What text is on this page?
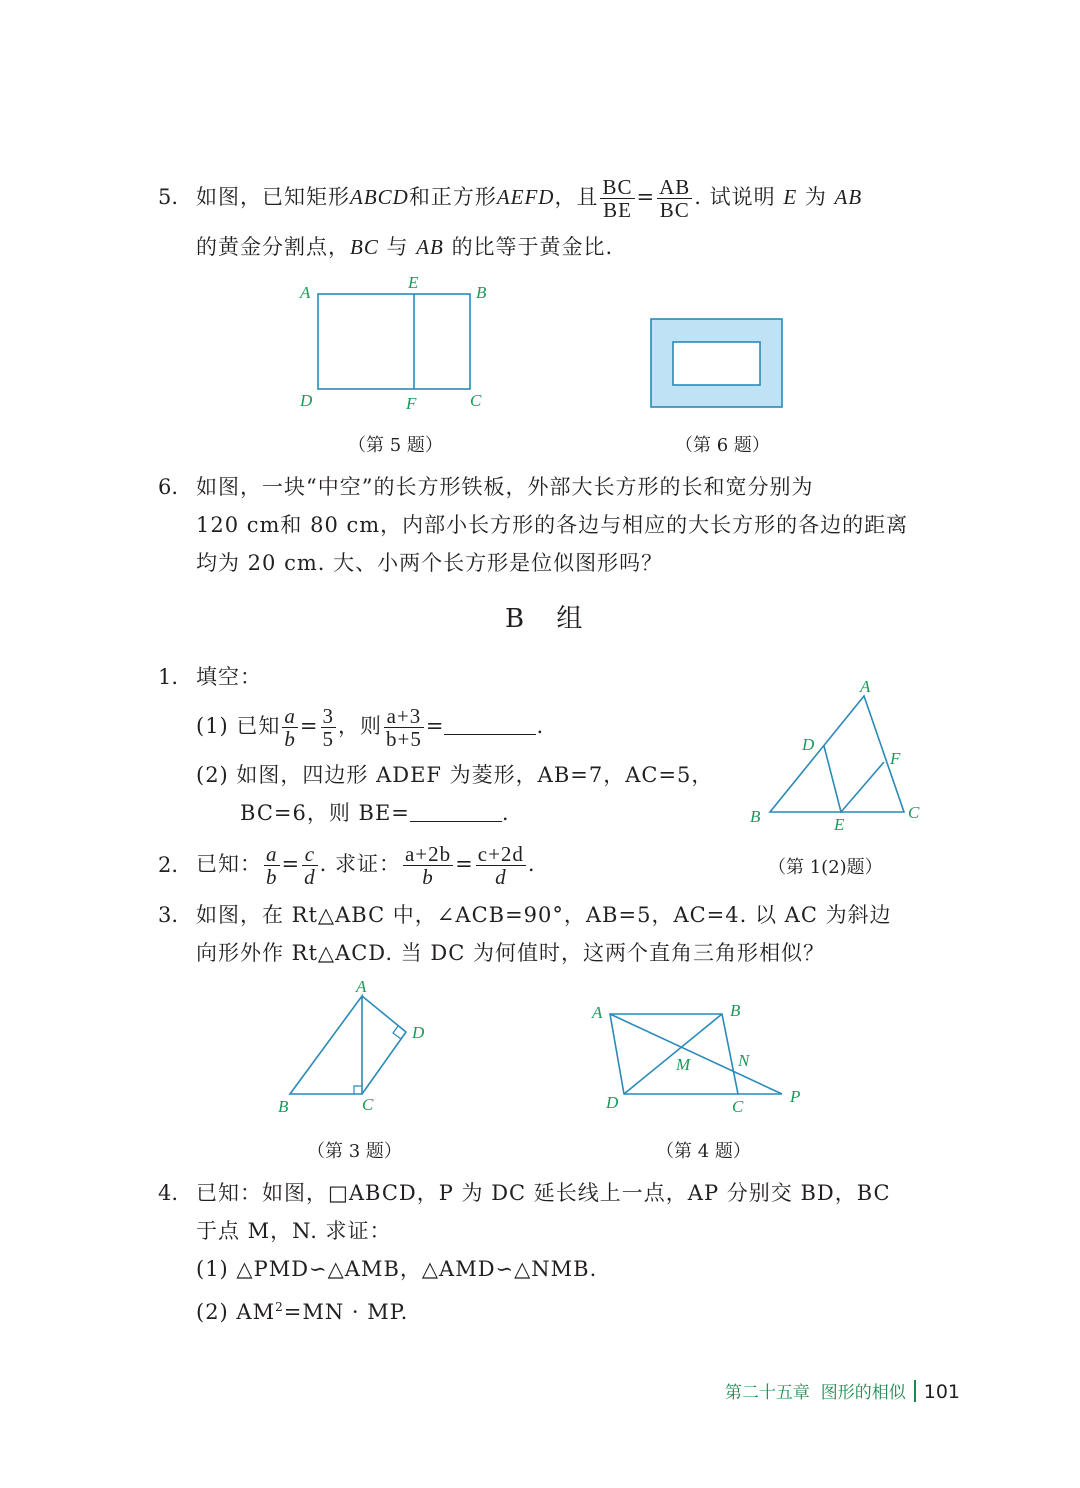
5. 如图，已知矩形ABCD和正方形AEFD，且 $\frac{BC}{BE} = \frac{AB}{BC}$ . 试说明 E 为 AB
的黄金分割点，BC 与 AB 的比等于黄金比.
A
E
B
D	F	C
（第 5 题）	（第 6 题）
6. 如图，一块“中空”的长方形铁板，外部大长方形的长和宽分别为
120 cm和 80 cm，内部小长方形的各边与相应的大长方形的各边的距离
均为 20 cm. 大、小两个长方形是位似图形吗？
B 组
1. 填空：
(1) 已知 $\frac{a}{b} = \frac{3}{5}$ ，则 $\frac{a+3}{b+5}$ =	.
(2) 如图，四边形 ADEF 为菱形，AB=7，AC=5，
BC=6，则 BE=	.
A
D
F
B	E
C
（第 1(2)题）
2. 已知： $\frac{a}{b} = \frac{c}{d}$ . 求证： $\frac{a+2b}{b} = \frac{c+2d}{d}$ .
3. 如图，在 Rt△ABC 中，∠ACB=90°，AB=5，AC=4. 以 AC 为斜边
向形外作 Rt△ACD. 当 DC 为何值时，这两个直角三角形相似？
A
D
B	C
（第 3 题）
A	B
M	N
D	C
P
（第 4 题）
4. 已知：如图，□ABCD，P 为 DC 延长线上一点，AP 分别交 BD，BC
于点 M，N. 求证：
(1) △PMD∽△AMB，△AMD∽△NMB.
(2) $AM^2=MN$ · MP.
第二十五章 图形的相似 101
